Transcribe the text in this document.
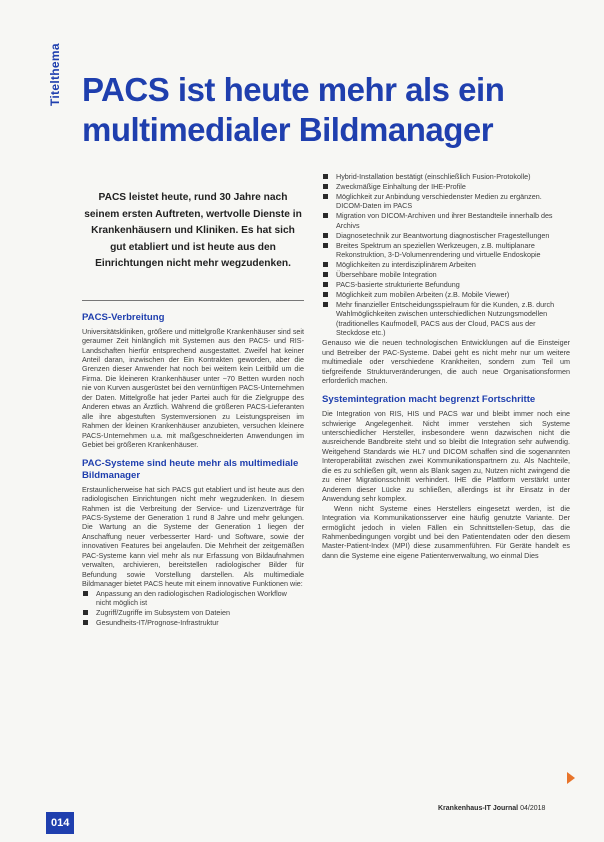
Titelthema PACS ist heute mehr als ein multimedialer Bildmanager

PACS leistet heute, rund 30 Jahre nach seinem ersten Auftreten, wertvolle Dienste in Krankenhäusern und Kliniken. Es hat sich gut etabliert und ist heute aus den Einrichtungen nicht mehr wegzudenken.

PACS-Verbreitung

Universitätskliniken, größere und mittelgroße Krankenhäuser sind seit geraumer Zeit hinlänglich mit Systemen aus den PACS- und RIS-Landschaften hierfür entsprechend ausgestattet. Zweifel hat keiner Anteil daran, inzwischen der Ein Kontrakten geworden, aber die Grenzen dieser Anwender hat noch bei weitem kein Leitbild um die Firma. Die kleineren Krankenhäuser unter ~70 Betten wurden noch nie von Kurven ausgerüstet bei den vernünftigen PACS-Unternehmen der Daten. Mittelgroße hat jeder Partei auch für die Zielgruppe des Anderen etwas an Ärztlich. Während die größeren PACS-Lieferanten alle ihre abgestuften Systemversionen zu Leistungspreisen im Rahmen der kleinen Krankenhäuser anzubieten, versuchen kleinere PACS-Unternehmen u.a. mit maßgeschneiderten Anwendungen im Gebiet bei größeren Krankenhäuser.

PAC-Systeme sind heute mehr als multimediale Bildmanager

Erstaunlicherweise hat sich PACS gut etabliert und ist heute aus den radiologischen Einrichtungen nicht mehr wegzudenken. In diesem Rahmen ist die Verbreitung der Service- und Lizenzverträge für PACS-Systeme der Generation 1 rund 8 Jahre und mehr gelungen. Die Wartung an die Systeme der Generation 1 liegen der Anschaffung neuer verbesserter Hard- und Software, sowie der innovativen Features bei angelaufen. Die Mehrheit der zeitgemäßen PAC-Systeme kann viel mehr als nur Erfassung von Bildaufnahmen verwalten, archivieren, bereitstellen radiologischer Bilder für Befundung sowie Vorstellung darstellen. Als multimediale Bildmanager bietet PACS heute mit einem innovative Funktionen wie:

Anpassung an den radiologischen Radiologischen Workflow nicht möglich ist
Zugriff/Zugriffe im Subsystem von Dateien
Gesundheits-IT/Prognose-Infrastruktur
Hybrid-Installation bestätigt (einschließlich Fusion-Protokolle)
Zweckmäßige Einhaltung der IHE-Profile
Möglichkeit zur Anbindung verschiedenster Medien zu ergänzen. DICOM-Daten im PACS
Migration von DICOM-Archiven und ihrer Bestandteile innerhalb des Archivs
Diagnosetechnik zur Beantwortung diagnostischer Fragestellungen
Breites Spektrum an speziellen Werkzeugen, z.B. multiplanare Rekonstruktion, 3-D-Volumenrendering und virtuelle Endoskopie
Möglichkeiten zu interdisziplinärem Arbeiten
Übersehbare mobile Integration
PACS-basierte strukturierte Befundung
Möglichkeit zum mobilen Arbeiten (z.B. Mobile Viewer)
Mehr finanzieller Entscheidungsspielraum für die Kunden, z.B. durch Wahlmöglichkeiten zwischen unterschiedlichen Nutzungsmodellen (traditionelles Kaufmodell, PACS aus der Cloud, PACS aus der Steckdose etc.)

Genauso wie die neuen technologischen Entwicklungen auf die Einsteiger und Betreiber der PAC-Systeme. Dabei geht es nicht mehr nur um weitere multimediale oder verschiedene Krankheiten, sondern zum Teil um tiefgreifende Strukturveränderungen, die auch neue Organisationsformen erforderlich machen.

Systemintegration macht begrenzt Fortschritte

Die Integration von RIS, HIS und PACS war und bleibt immer noch eine schwierige Angelegenheit. Nicht immer verstehen sich Systeme unterschiedlicher Hersteller, insbesondere wenn dazwischen nicht die ausreichende Bandbreite steht und so bleibt die Integration sehr aufwendig. Weitgehend Standards wie HL7 und DICOM schaffen sind die sogenannten Interoperabilität zwischen zwei Kommunikationspartnern zu. Als Nachteile, die es zu schließen gilt, wenn als Blank sagen zu, Nutzen nicht zwingend die zu einer Migrationsschnitt verhindert. IHE die Plattform verstärkt unter Anderem dieser Lücke zu schließen, allerdings ist ihr Einsatz in der Anwendung sehr komplex.

Wenn nicht Systeme eines Herstellers eingesetzt werden, ist die Integration via Kommunikationsserver eine häufig genutzte Variante. Der ermöglicht jedoch in vielen Fällen ein Schnittstellen-Setup, das die Rahmenbedingungen vorgibt und bei den Patientendaten oder den diesem Master-Patient-Index (MPI) diese zusammenführen. Für Geräte handelt es dann die Systeme eine eigene Patientenverwaltung, wo einmal Dies

Krankenhaus-IT Journal 04/2018
014
